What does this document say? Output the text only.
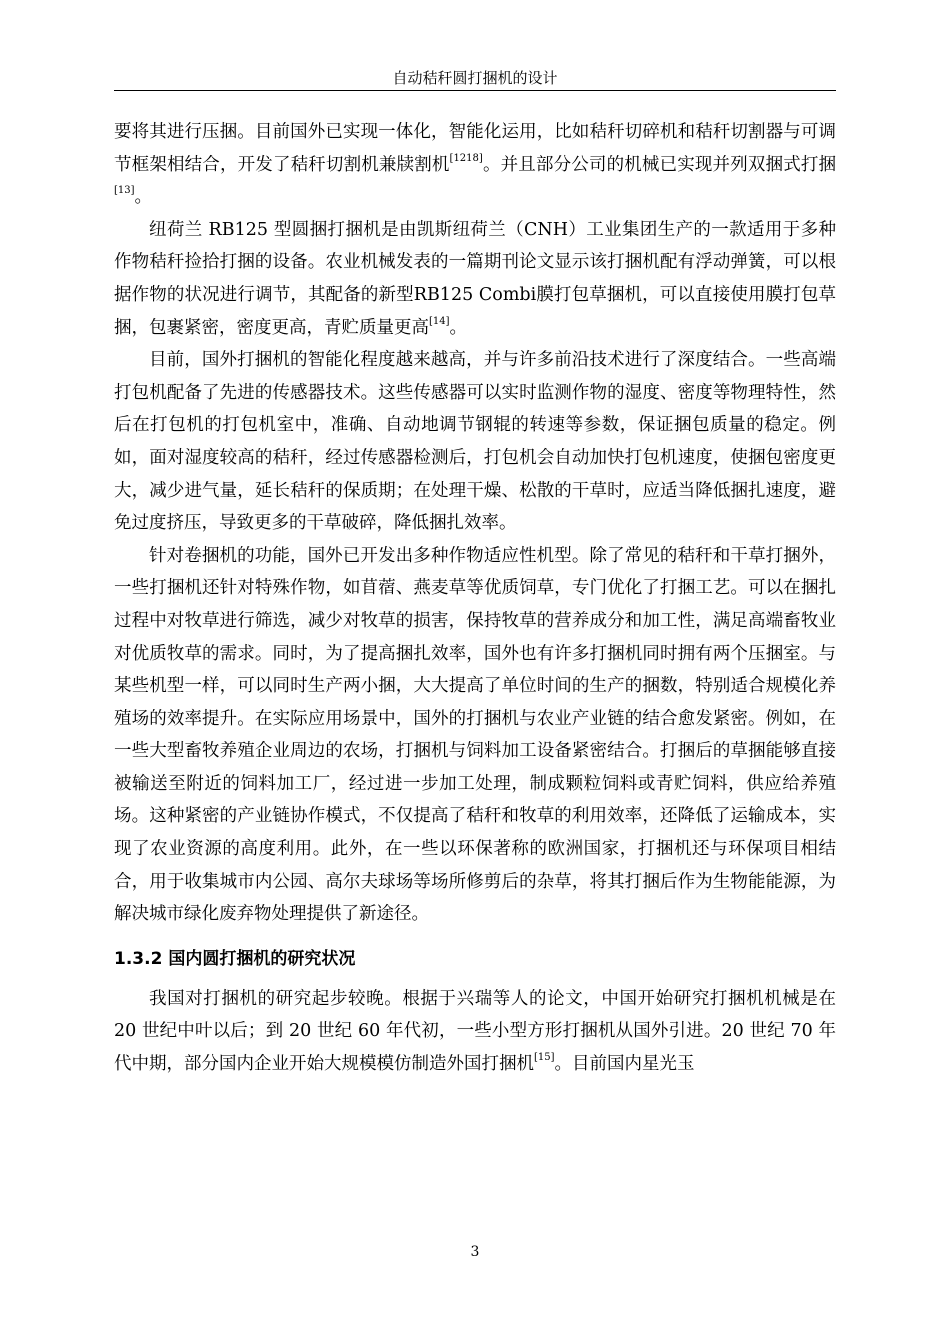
自动秸秆圆打捆机的设计

要将其进行压捆。目前国外已实现一体化，智能化运用，比如秸秆切碎机和秸秆切割器与可调节框架相结合，开发了秸秆切割机兼牍割机[1218]。并且部分公司的机械已实现并列双捆式打捆[13]。

纽荷兰 RB125 型圆捆打捆机是由凯斯纽荷兰（CNH）工业集团生产的一款适用于多种作物秸秆捡拾打捆的设备。农业机械发表的一篇期刊论文显示该打捆机配有浮动弹簧，可以根据作物的状况进行调节，其配备的新型RB125 Combi膜打包草捆机，可以直接使用膜打包草捆，包裹紧密，密度更高，青贮质量更高[14]。

目前，国外打捆机的智能化程度越来越高，并与许多前沿技术进行了深度结合。一些高端打包机配备了先进的传感器技术。这些传感器可以实时监测作物的湿度、密度等物理特性，然后在打包机的打包机室中，准确、自动地调节钢辊的转速等参数，保证捆包质量的稳定。例如，面对湿度较高的秸秆，经过传感器检测后，打包机会自动加快打包机速度，使捆包密度更大，减少进气量，延长秸秆的保质期；在处理干燥、松散的干草时，应适当降低捆扎速度，避免过度挤压，导致更多的干草破碎，降低捆扎效率。

针对卷捆机的功能，国外已开发出多种作物适应性机型。除了常见的秸秆和干草打捆外，一些打捆机还针对特殊作物，如苜蓿、燕麦草等优质饲草，专门优化了打捆工艺。可以在捆扎过程中对牧草进行筛选，减少对牧草的损害，保持牧草的营养成分和加工性，满足高端畜牧业对优质牧草的需求。同时，为了提高捆扎效率，国外也有许多打捆机同时拥有两个压捆室。与某些机型一样，可以同时生产两小捆，大大提高了单位时间的生产的捆数，特别适合规模化养殖场的效率提升。在实际应用场景中，国外的打捆机与农业产业链的结合愈发紧密。例如，在一些大型畜牧养殖企业周边的农场，打捆机与饲料加工设备紧密结合。打捆后的草捆能够直接被输送至附近的饲料加工厂，经过进一步加工处理，制成颗粒饲料或青贮饲料，供应给养殖场。这种紧密的产业链协作模式，不仅提高了秸秆和牧草的利用效率，还降低了运输成本，实现了农业资源的高度利用。此外，在一些以环保著称的欧洲国家，打捆机还与环保项目相结合，用于收集城市内公园、高尔夫球场等场所修剪后的杂草，将其打捆后作为生物能能源，为解决城市绿化废弃物处理提供了新途径。

1.3.2 国内圆打捆机的研究状况

我国对打捆机的研究起步较晚。根据于兴瑞等人的论文，中国开始研究打捆机机械是在 20 世纪中叶以后；到 20 世纪 60 年代初，一些小型方形打捆机从国外引进。20 世纪 70 年代中期，部分国内企业开始大规模模仿制造外国打捆机[15]。目前国内星光玉

3
